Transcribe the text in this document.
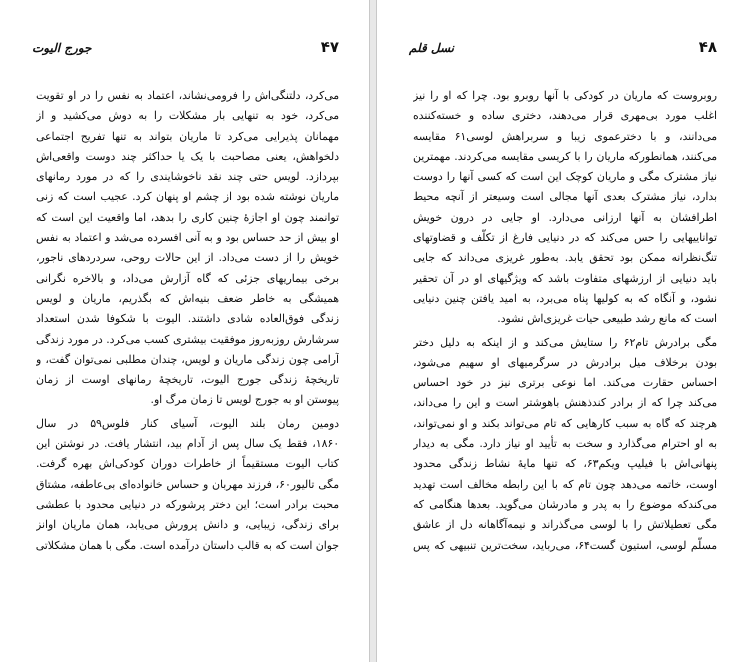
۴۷
جورج الیوت
می‌کرد، دلتنگی‌اش را فرومی‌نشاند، اعتماد به نفس را در او تقویت
می‌کرد، خود به تنهایی بار مشکلات را به دوش می‌کشید و از
مهمانان پذیرایی می‌کرد تا ماریان بتواند به تنها تفریح اجتماعی
دلخواهش، یعنی مصاحبت با یک یا حداکثر چند دوست واقعی‌اش
بپردازد. لویس حتی چند نقد ناخوشایندی را که در مورد رمانهای
ماریان نوشته شده بود از چشم او پنهان کرد. عجیب است که زنی
توانمند چون او اجازهٔ چنین کاری را بدهد، اما واقعیت این است که
او بیش از حد حساس بود و به آنی افسرده می‌شد و اعتماد به نفس
خویش را از دست می‌داد. از این حالات روحی، سردردهای ناجور،
برخی بیماریهای جزئی که گاه آزارش می‌داد، و بالاخره نگرانی
همیشگی به خاطر ضعف بنیه‌اش که بگذریم، ماریان و لویس
زندگی فوق‌العاده شادی داشتند. الیوت با شکوفا شدن استعداد
سرشارش روزبه‌روز موفقیت بیشتری کسب می‌کرد. در مورد زندگی
آرامی چون زندگی ماریان و لویس، چندان مطلبی نمی‌توان گفت، و
تاریخچهٔ زندگی جورج الیوت، تاریخچهٔ رمانهای اوست از زمان
پیوستن او به جورج لویس تا زمان مرگ او.
دومین رمان بلند الیوت، آسیای کنار فلوس۵۹ در سال
۱۸۶۰، فقط یک سال پس از آدام بید، انتشار یافت. در نوشتن این
کتاب الیوت مستقیماً از خاطرات دوران کودکی‌اش بهره گرفت.
مگی تالیور۶۰، فرزند مهربان و حساس خانواده‌ای بی‌عاطفه، مشتاق
محبت برادر است؛ این دختر پرشورکه در دنیایی محدود با عطشی
برای زندگی، زیبایی، و دانش پرورش می‌یابد، همان ماریان اوانز
جوان است که به قالب داستان درآمده است. مگی با همان مشکلاتی
۴۸
نسل قلم
روبروست که ماریان در کودکی با آنها روبرو بود. چرا که او را نیز
اغلب مورد بی‌مهری قرار می‌دهند، دختری ساده و خسته‌کننده
می‌دانند، و با دخترعموی زیبا و سربراهش لوسی۶۱ مقایسه
می‌کنند، همانطورکه ماریان را با کریسی مقایسه می‌کردند. مهمترین
نیاز مشترک مگی و ماریان کوچک این است که کسی آنها را دوست
بدارد، نیاز مشترک بعدی آنها مجالی است وسیعتر از آنچه محیط
اطرافشان به آنها ارزانی می‌دارد. او جایی در درون خویش
تواناییهایی را حس می‌کند که در دنیایی فارغ از تکلّف و قضاوتهای
تنگ‌نظرانه ممکن بود تحقق یابد. به‌طور غریزی می‌داند که جایی
باید دنیایی از ارزشهای متفاوت باشد که ویژگیهای او در آن تحقیر
نشود، و آنگاه که به کولیها پناه می‌برد، به امید یافتن چنین دنیایی
است که مانع رشد طبیعی حیات غریزی‌اش نشود.
مگی برادرش تام۶۲ را ستایش می‌کند و از اینکه به دلیل دختر
بودن برخلاف میل برادرش در سرگرمیهای او سهیم می‌شود،
احساس حقارت می‌کند. اما نوعی برتری نیز در خود احساس
می‌کند چرا که از برادر کندذهنش باهوشتر است و این را می‌داند،
هرچند که گاه به سبب کارهایی که تام می‌تواند بکند و او نمی‌تواند،
به او احترام می‌گذارد و سخت به تأیید او نیاز دارد. مگی به دیدار
پنهانی‌اش با فیلیپ ویکم۶۳، که تنها مایهٔ نشاط زندگی محدود
اوست، خاتمه می‌دهد چون تام که با این رابطه مخالف است تهدید
می‌کندکه موضوع را به پدر و مادرشان می‌گوید. بعدها هنگامی که
مگی تعطیلاتش را با لوسی می‌گذراند و نیمه‌آگاهانه دل از عاشق
مسلّم لوسی، استیون گست۶۴، می‌رباید، سخت‌ترین تنبیهی که پس
